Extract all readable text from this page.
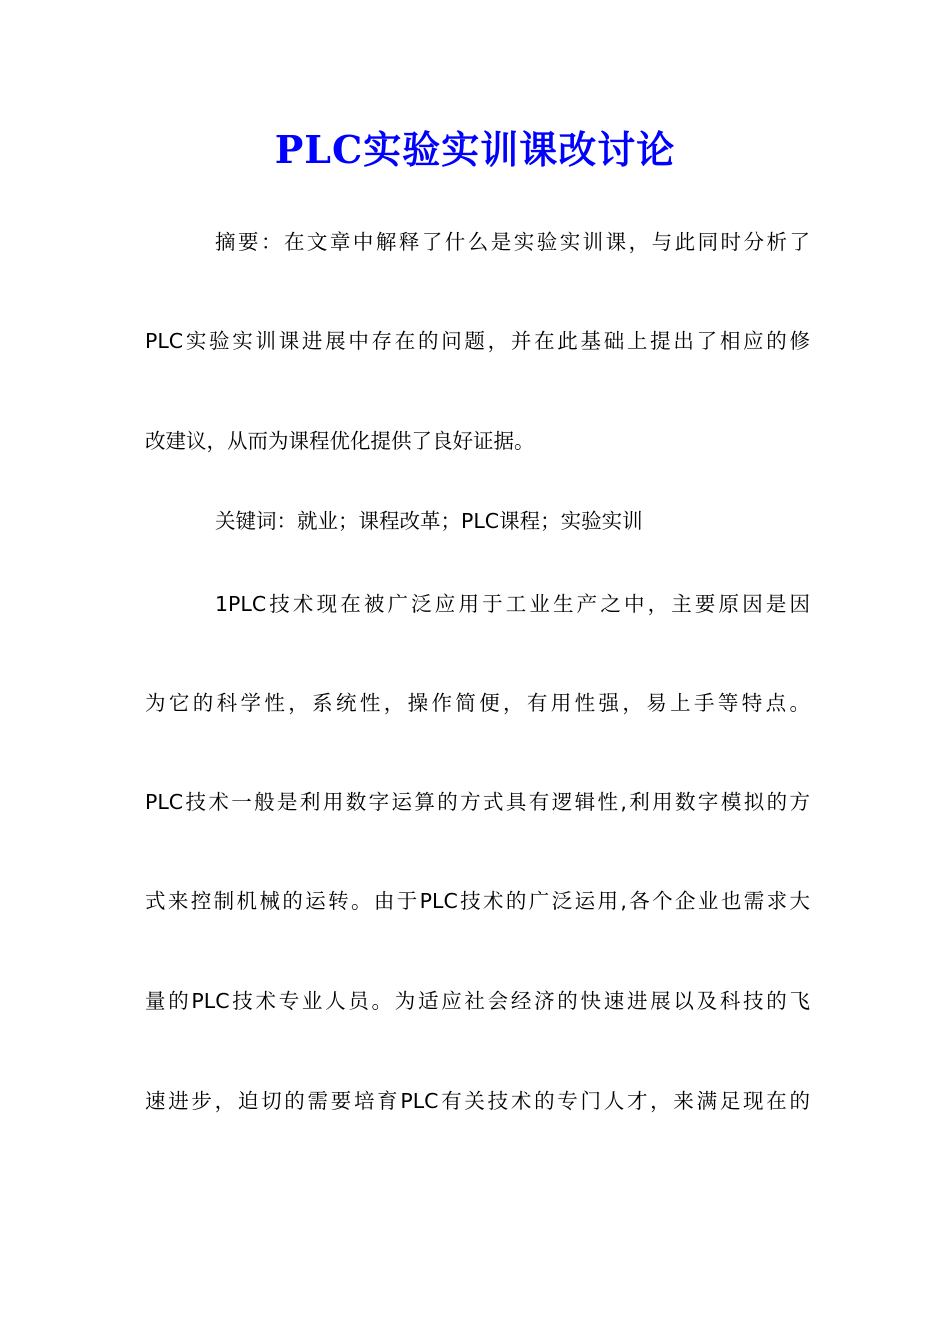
PLC实验实训课改讨论

摘要：在文章中解释了什么是实验实训课，与此同时分析了

PLC实验实训课进展中存在的问题，并在此基础上提出了相应的修

改建议，从而为课程优化提供了良好证据。

关键词：就业；课程改革；PLC课程；实验实训

1PLC技术现在被广泛应用于工业生产之中，主要原因是因

为它的科学性，系统性，操作简便，有用性强，易上手等特点。

PLC技术一般是利用数字运算的方式具有逻辑性,利用数字模拟的方

式来控制机械的运转。由于PLC技术的广泛运用,各个企业也需求大

量的PLC技术专业人员。为适应社会经济的快速进展以及科技的飞

速进步，迫切的需要培育PLC有关技术的专门人才，来满足现在的
